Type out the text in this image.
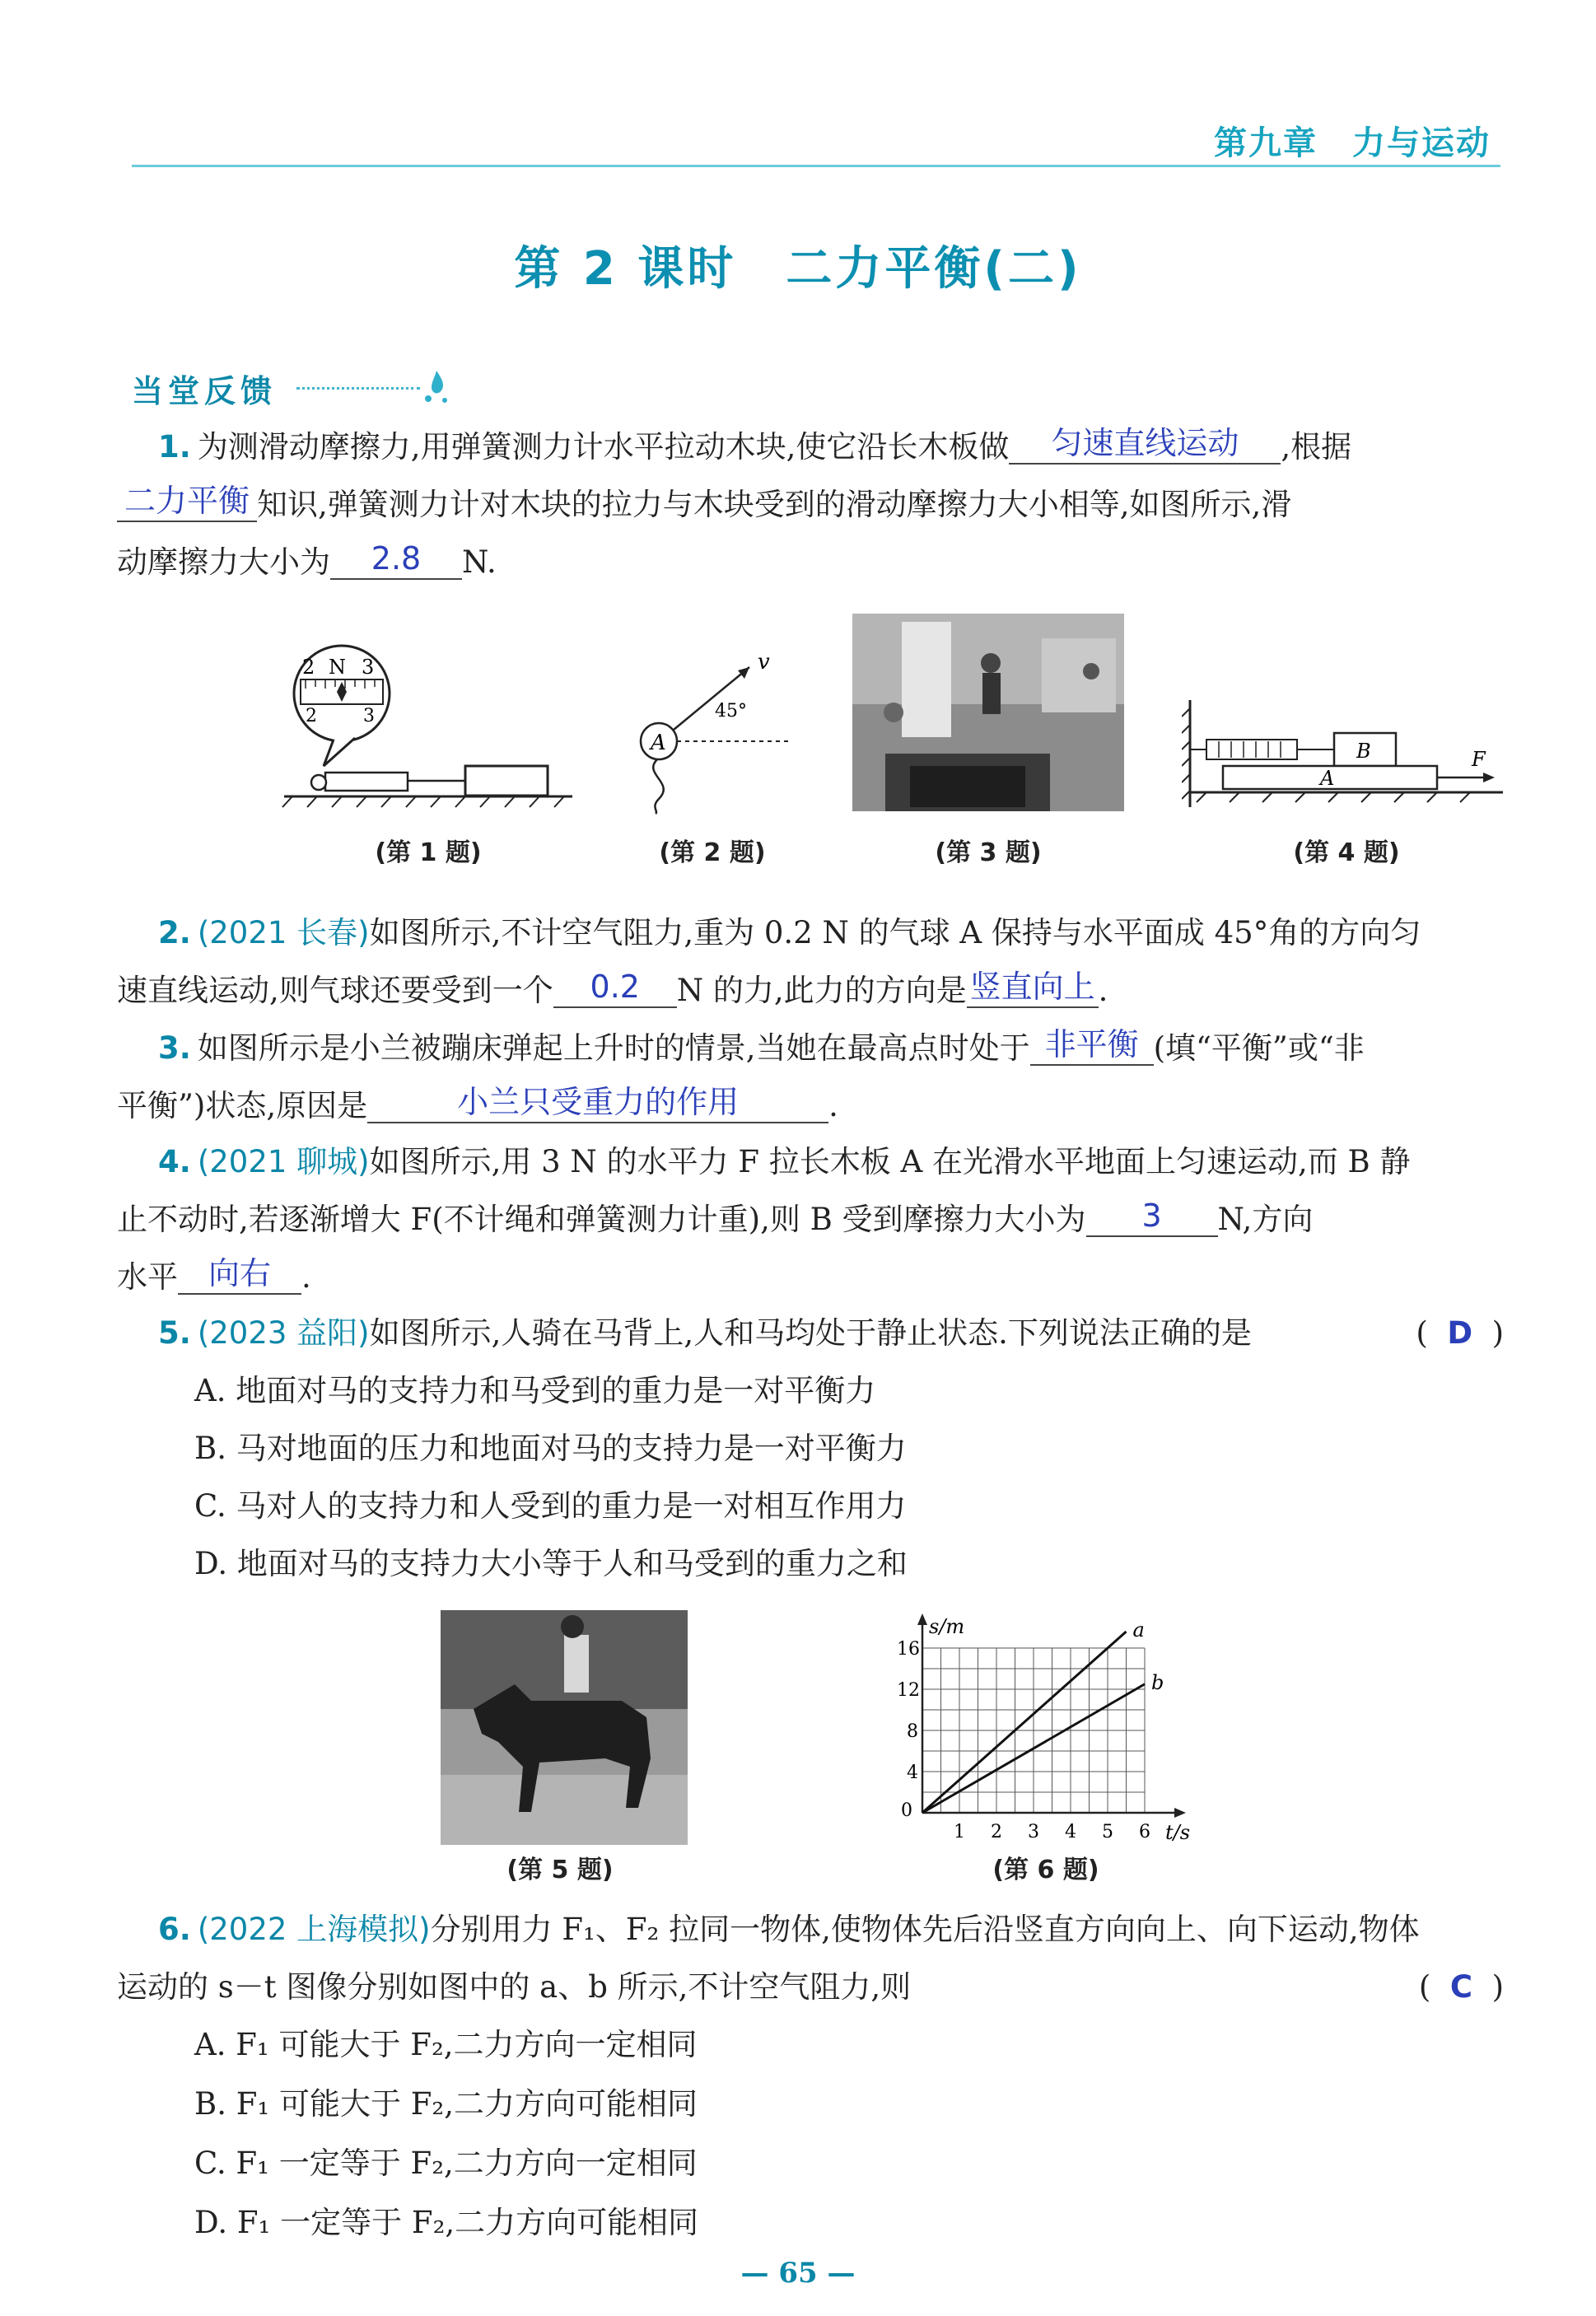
第九章　力与运动
第 2 课时　二力平衡(二)
当堂反馈
1. 为测滑动摩擦力,用弹簧测力计水平拉动木块,使它沿长木板做 匀速直线运动 ,根据
二力平衡 知识,弹簧测力计对木块的拉力与木块受到的滑动摩擦力大小相等,如图所示,滑
动摩擦力大小为 2.8 N.
2 N 3
2	3
(第 1 题)
A
v
45°
(第 2 题)	(第 3 题)
B
A
F
(第 4 题)
2. (2021 长春)如图所示,不计空气阻力,重为 0.2 N 的气球 A 保持与水平面成 45°角的方向匀
速直线运动,则气球还要受到一个 0.2 N 的力,此力的方向是 竖直向上 .
3. 如图所示是小兰被蹦床弹起上升时的情景,当她在最高点时处于 非平衡 (填“平衡”或“非
平衡”)状态,原因是	小兰只受重力的作用	.
4. (2021 聊城)如图所示,用 3 N 的水平力 F 拉长木板 A 在光滑水平地面上匀速运动,而 B 静
止不动时,若逐渐增大 F(不计绳和弹簧测力计重),则 B 受到摩擦力大小为 3 N,方向
水平 向右 .
5. (2023 益阳)如图所示,人骑在马背上,人和马均处于静止状态.下列说法正确的是	( D )
A. 地面对马的支持力和马受到的重力是一对平衡力
B. 马对地面的压力和地面对马的支持力是一对平衡力
C. 马对人的支持力和人受到的重力是一对相互作用力
D. 地面对马的支持力大小等于人和马受到的重力之和
(第 5 题)
s/m
t/s
0
1 2 3 4 5 6
4
8
12
16
a
b
(第 6 题)
6. (2022 上海模拟)分别用力 F₁、F₂ 拉同一物体,使物体先后沿竖直方向向上、向下运动,物体
运动的 s－t 图像分别如图中的 a、b 所示,不计空气阻力,则	( C )
A. F₁ 可能大于 F₂,二力方向一定相同
B. F₁ 可能大于 F₂,二力方向可能相同
C. F₁ 一定等于 F₂,二力方向一定相同
D. F₁ 一定等于 F₂,二力方向可能相同
— 65 —
